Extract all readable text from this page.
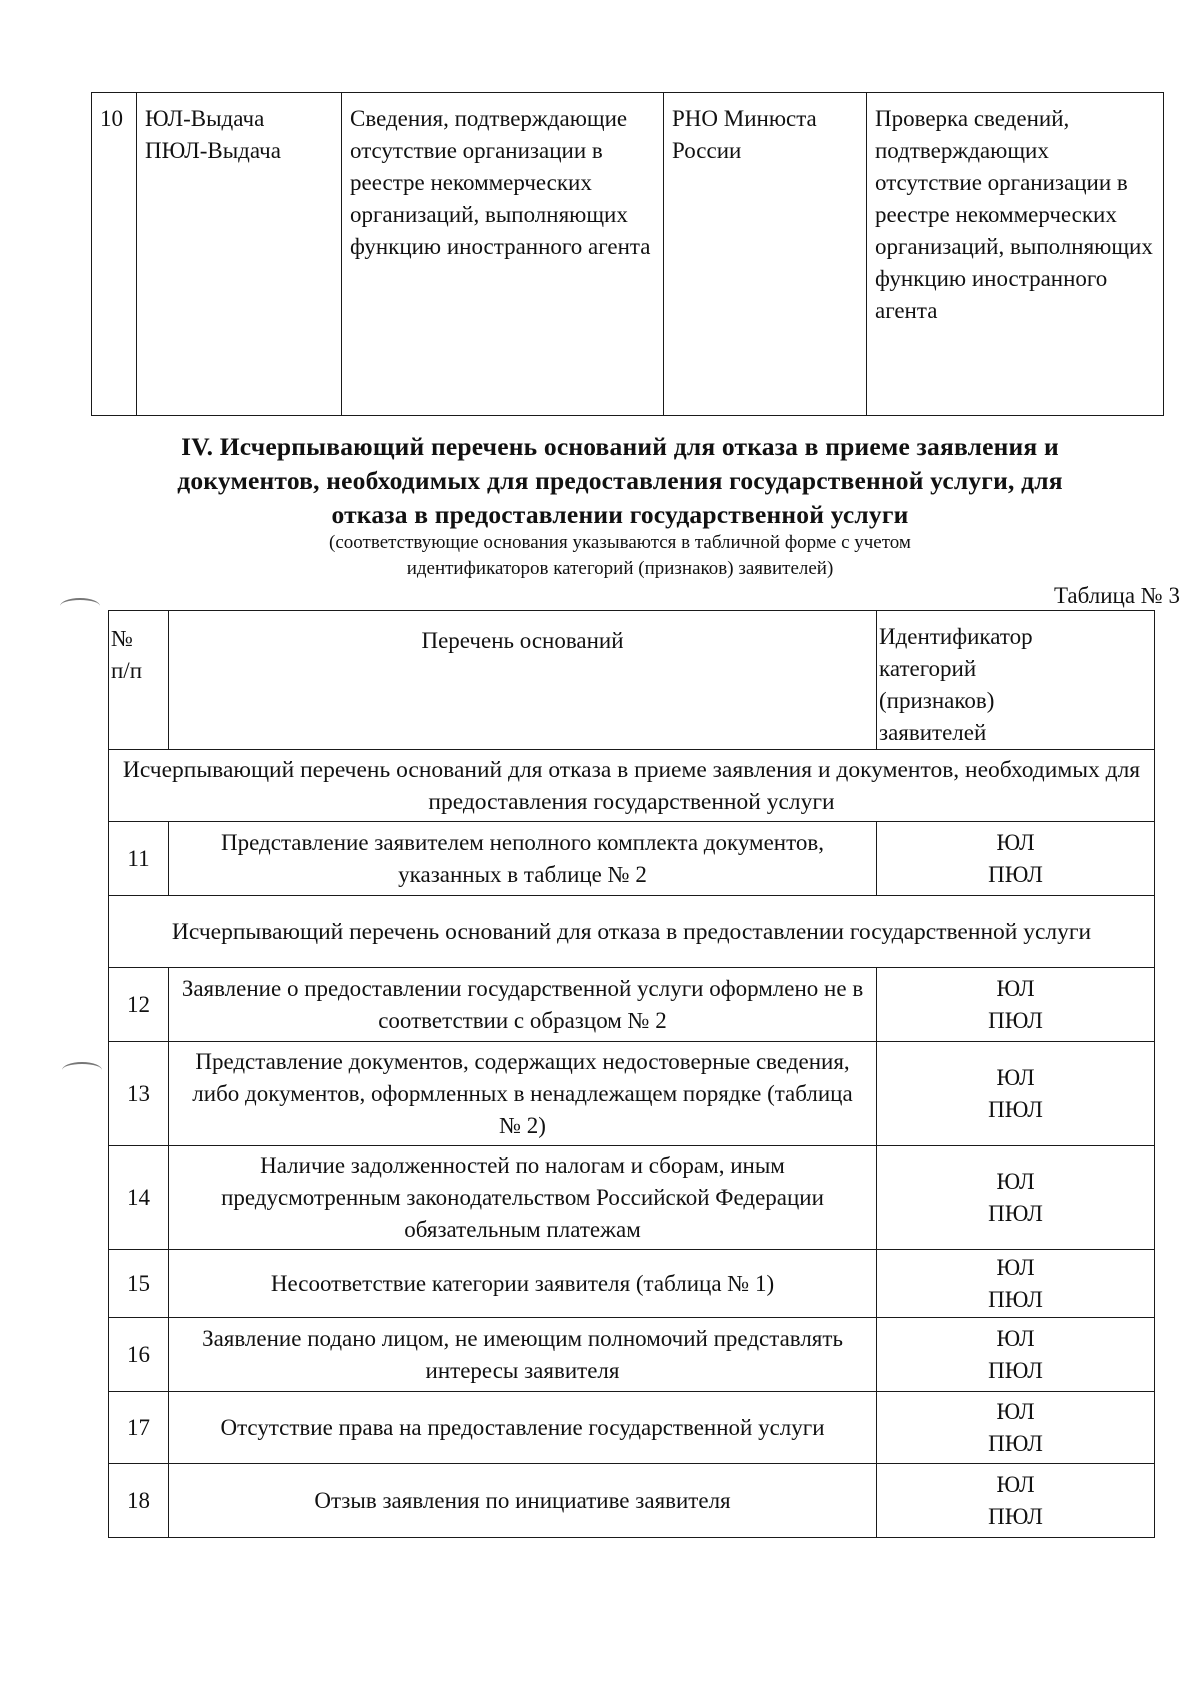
10	ЮЛ-Выдача
ПЮЛ-Выдача
	Сведения, подтверждающие отсутствие организации в реестре некоммерческих организаций, выполняющих функцию иностранного агента	РНО Минюста России	Проверка сведений, подтверждающих отсутствие организации в реестре некоммерческих организаций, выполняющих функцию иностранного агента
IV. Исчерпывающий перечень оснований для отказа в приеме заявления и
документов, необходимых для предоставления государственной услуги, для
отказа в предоставлении государственной услуги
(соответствующие основания указываются в табличной форме с учетом
идентификаторов категорий (признаков) заявителей)
Таблица № 3
№
п/п	Перечень оснований	Идентификатор
категорий
(признаков)
заявителей
Исчерпывающий перечень оснований для отказа в приеме заявления и документов, необходимых для предоставления государственной услуги		
11	Представление заявителем неполного комплекта документов, указанных в таблице № 2	ЮЛ
ПЮЛ

Исчерпывающий перечень оснований для отказа в предоставлении государственной услуги		
12	Заявление о предоставлении государственной услуги оформлено не в соответствии с образцом № 2	ЮЛ
ПЮЛ

13	Представление документов, содержащих недостоверные сведения, либо документов, оформленных в ненадлежащем порядке (таблица № 2)	ЮЛ
ПЮЛ

14	Наличие задолженностей по налогам и сборам, иным предусмотренным законодательством Российской Федерации обязательным платежам	ЮЛ
ПЮЛ

15	Несоответствие категории заявителя (таблица № 1)	ЮЛ
ПЮЛ

16	Заявление подано лицом, не имеющим полномочий представлять интересы заявителя	ЮЛ
ПЮЛ

17	Отсутствие права на предоставление государственной услуги	ЮЛ
ПЮЛ

18	Отзыв заявления по инициативе заявителя	ЮЛ
ПЮЛ
